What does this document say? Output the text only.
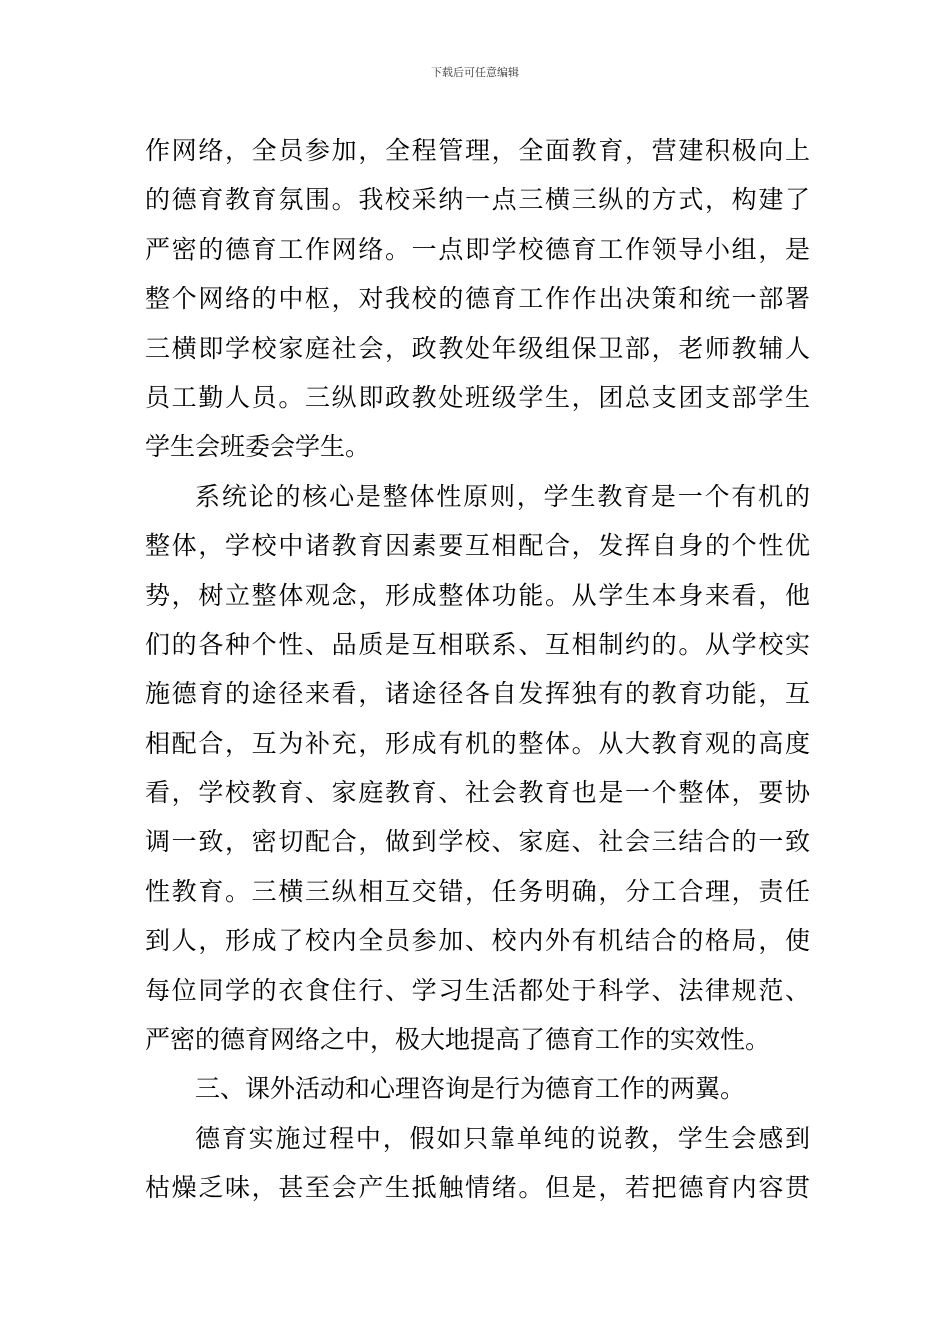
下载后可任意编辑
作网络，全员参加，全程管理，全面教育，营建积极向上
的德育教育氛围。我校采纳一点三横三纵的方式，构建了
严密的德育工作网络。一点即学校德育工作领导小组，是
整个网络的中枢，对我校的德育工作作出决策和统一部署
三横即学校家庭社会，政教处年级组保卫部，老师教辅人
员工勤人员。三纵即政教处班级学生，团总支团支部学生
学生会班委会学生。
系统论的核心是整体性原则，学生教育是一个有机的
整体，学校中诸教育因素要互相配合，发挥自身的个性优
势，树立整体观念，形成整体功能。从学生本身来看，他
们的各种个性、品质是互相联系、互相制约的。从学校实
施德育的途径来看，诸途径各自发挥独有的教育功能，互
相配合，互为补充，形成有机的整体。从大教育观的高度
看，学校教育、家庭教育、社会教育也是一个整体，要协
调一致，密切配合，做到学校、家庭、社会三结合的一致
性教育。三横三纵相互交错，任务明确，分工合理，责任
到人，形成了校内全员参加、校内外有机结合的格局，使
每位同学的衣食住行、学习生活都处于科学、法律规范、
严密的德育网络之中，极大地提高了德育工作的实效性。
三、课外活动和心理咨询是行为德育工作的两翼。
德育实施过程中，假如只靠单纯的说教，学生会感到
枯燥乏味，甚至会产生抵触情绪。但是，若把德育内容贯
